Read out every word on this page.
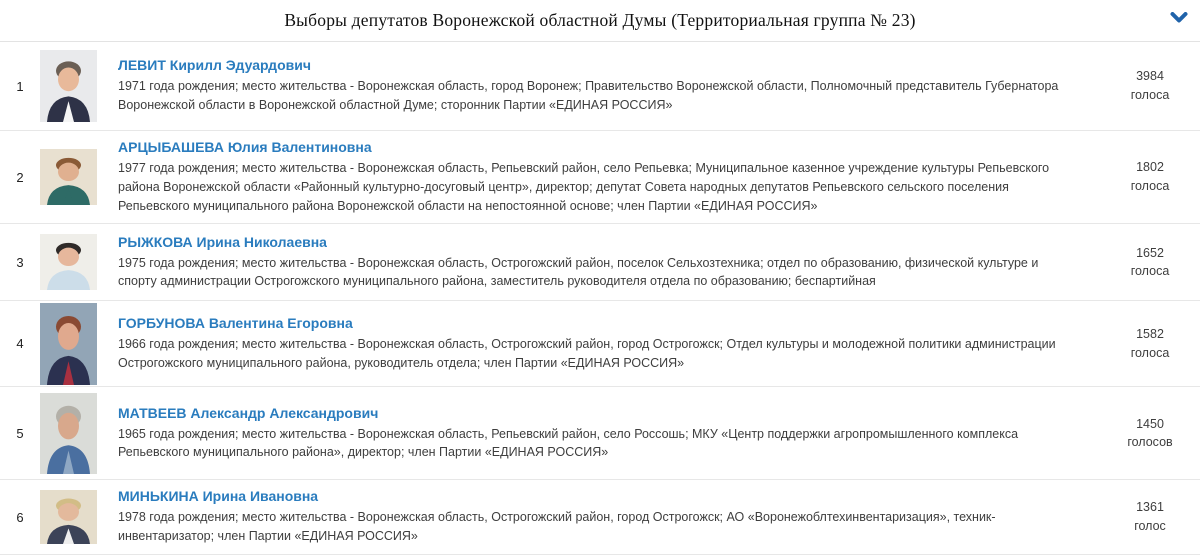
Выборы депутатов Воронежской областной Думы (Территориальная группа № 23)
1
ЛЕВИТ Кирилл Эдуардович
1971 года рождения; место жительства - Воронежская область, город Воронеж; Правительство Воронежской области, Полномочный представитель Губернатора Воронежской области в Воронежской областной Думе; сторонник Партии «ЕДИНАЯ РОССИЯ»
3984
голоса
2
АРЦЫБАШЕВА Юлия Валентиновна
1977 года рождения; место жительства - Воронежская область, Репьевский район, село Репьевка; Муниципальное казенное учреждение культуры Репьевского района Воронежской области «Районный культурно-досуговый центр», директор; депутат Совета народных депутатов Репьевского сельского поселения Репьевского муниципального района Воронежской области на непостоянной основе; член Партии «ЕДИНАЯ РОССИЯ»
1802
голоса
3
РЫЖКОВА Ирина Николаевна
1975 года рождения; место жительства - Воронежская область, Острогожский район, поселок Сельхозтехника; отдел по образованию, физической культуре и спорту администрации Острогожского муниципального района, заместитель руководителя отдела по образованию; беспартийная
1652
голоса
4
ГОРБУНОВА Валентина Егоровна
1966 года рождения; место жительства - Воронежская область, Острогожский район, город Острогожск; Отдел культуры и молодежной политики администрации Острогожского муниципального района, руководитель отдела; член Партии «ЕДИНАЯ РОССИЯ»
1582
голоса
5
МАТВЕЕВ Александр Александрович
1965 года рождения; место жительства - Воронежская область, Репьевский район, село Россошь; МКУ «Центр поддержки агропромышленного комплекса Репьевского муниципального района», директор; член Партии «ЕДИНАЯ РОССИЯ»
1450
голосов
6
МИНЬКИНА Ирина Ивановна
1978 года рождения; место жительства - Воронежская область, Острогожский район, город Острогожск; АО «Воронежоблтехинвентаризация», техник-инвентаризатор; член Партии «ЕДИНАЯ РОССИЯ»
1361
голос
